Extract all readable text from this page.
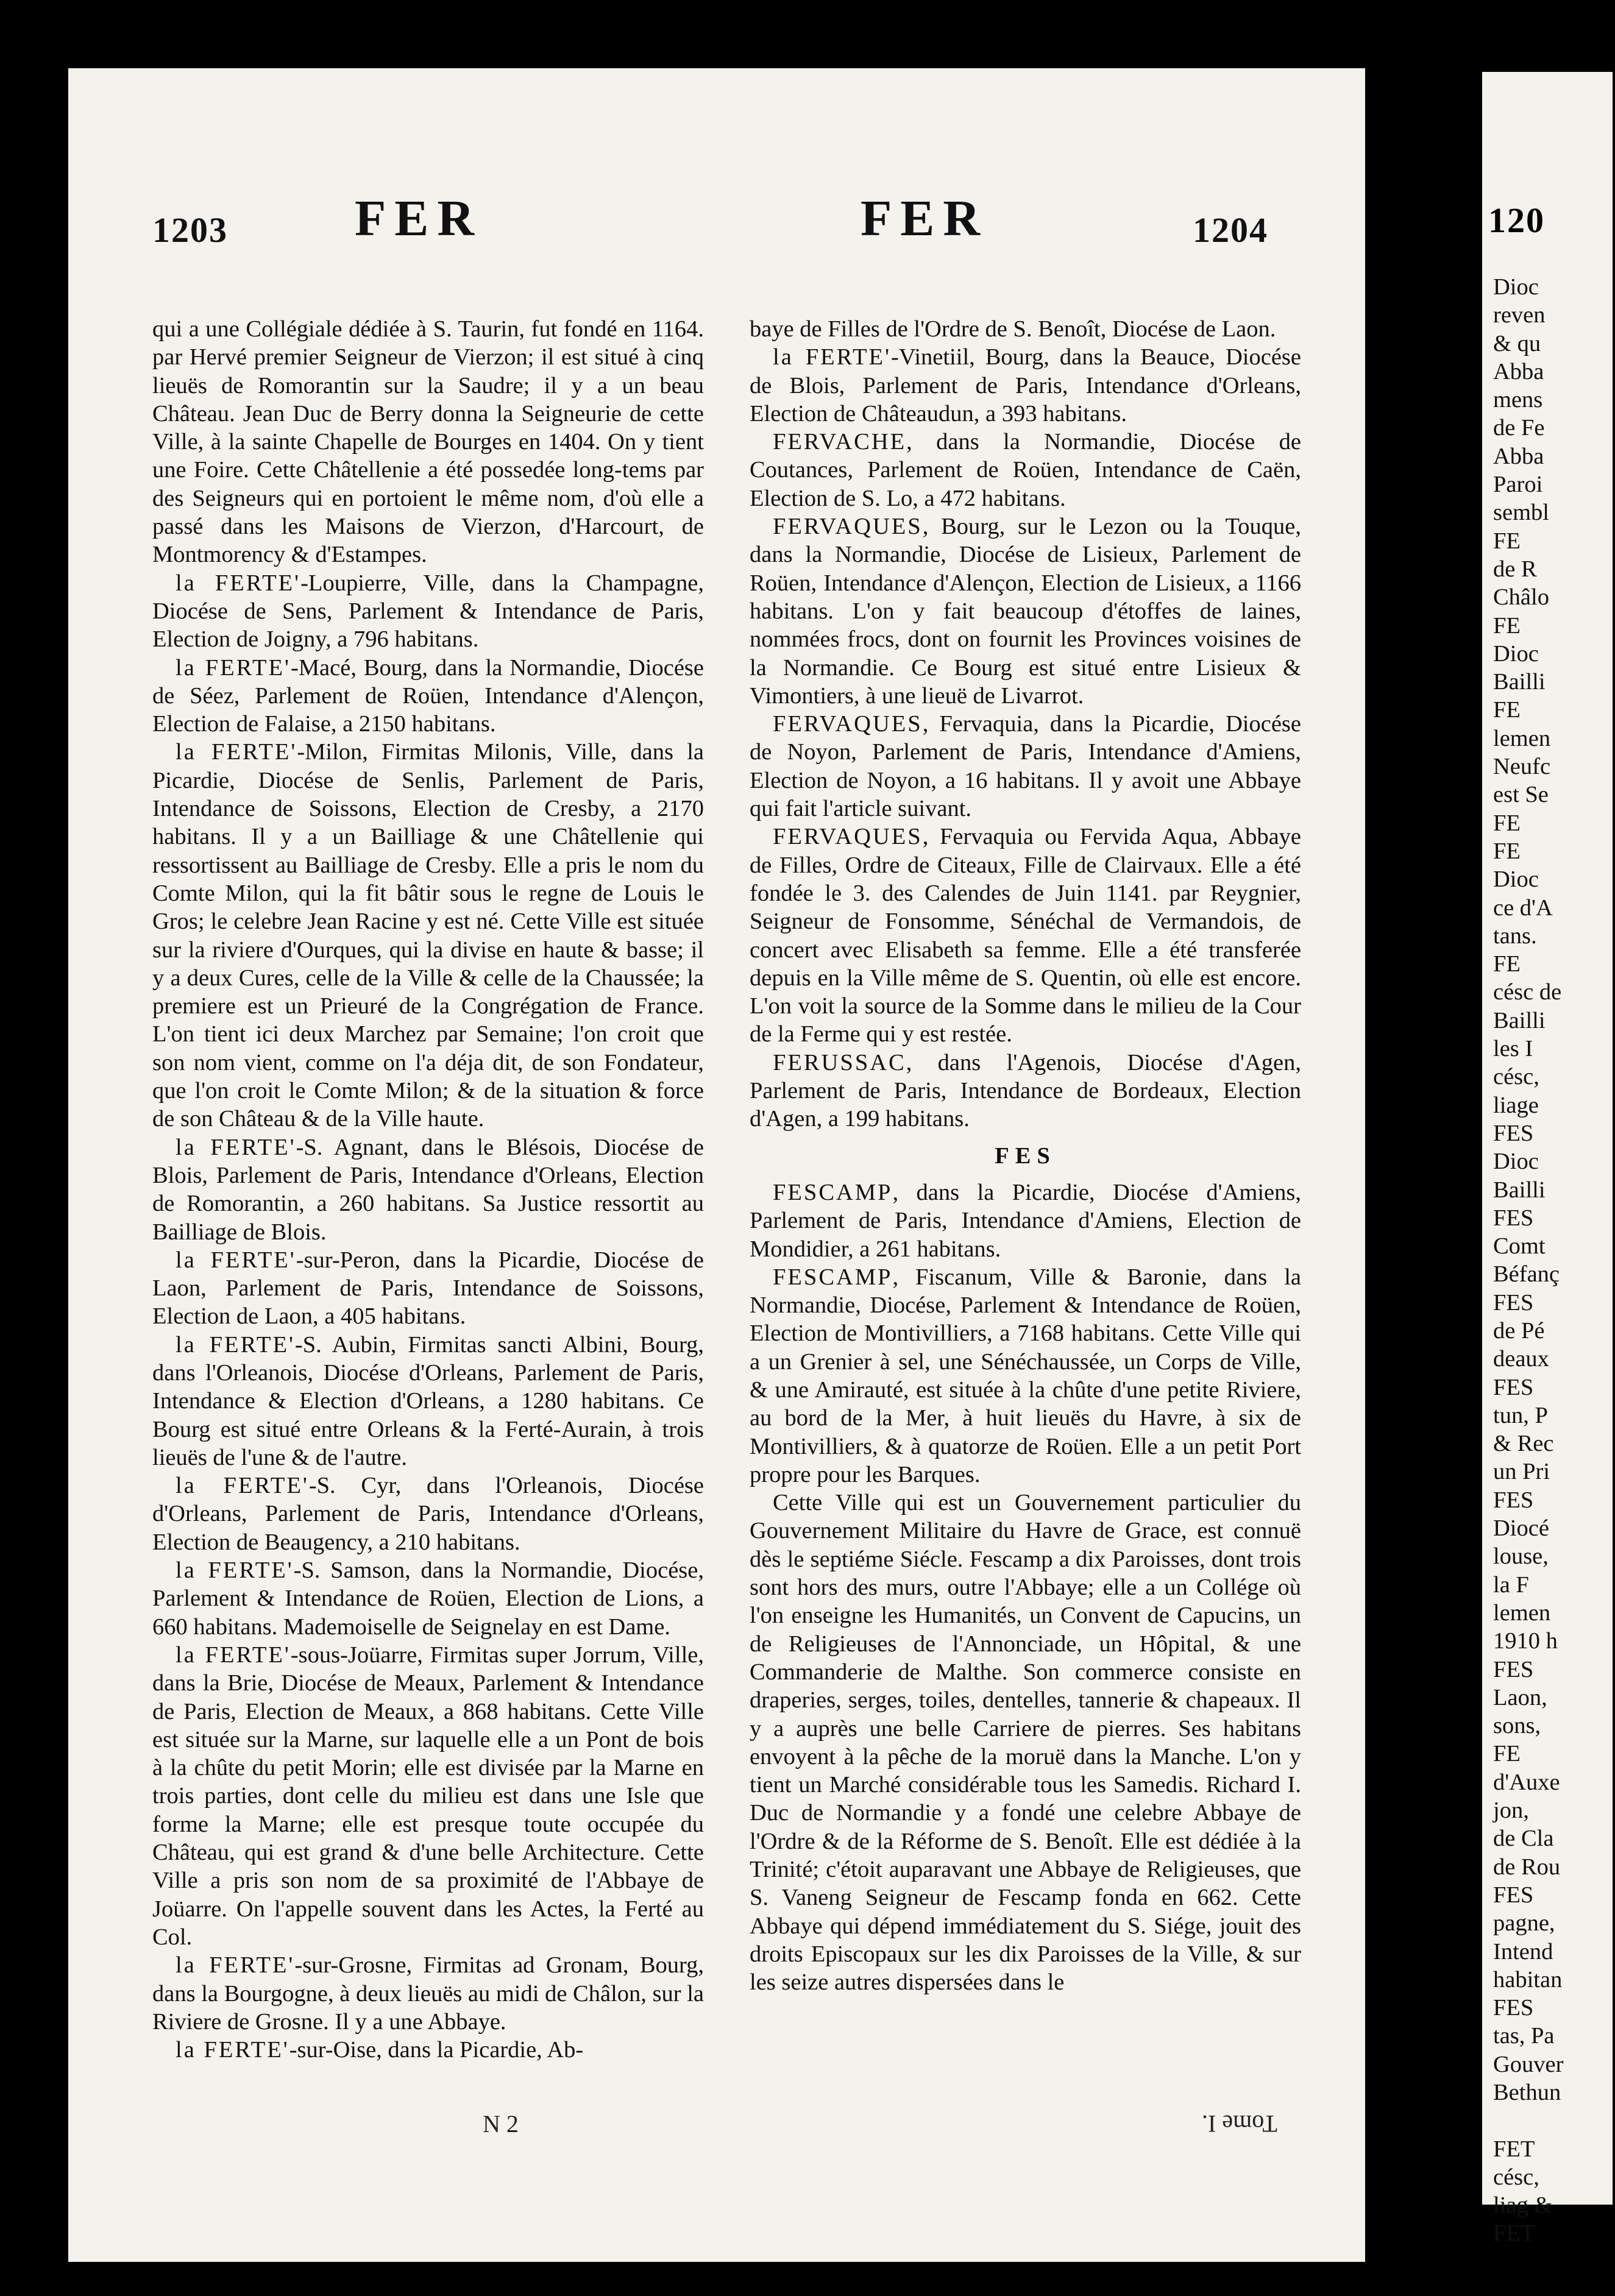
1203 FER	FER	1204

qui a une Collégiale dédiée à S. Taurin, fut fondé en 1164. par Hervé premier Seigneur de Vierzon; il est situé à cinq lieuës de Romorantin sur la Saudre; il y a un beau Château. Jean Duc de Berry donna la Seigneurie de cette Ville, à la sainte Chapelle de Bourges en 1404. On y tient une Foire. Cette Châtellenie a été possedée long-tems par des Seigneurs qui en portoient le même nom, d'où elle a passé dans les Maisons de Vierzon, d'Harcourt, de Montmorency & d'Estampes.

la FERTE'-Loupierre, Ville, dans la Champagne, Diocése de Sens, Parlement & Intendance de Paris, Election de Joigny, a 796 habitans.

la FERTE'-Macé, Bourg, dans la Normandie, Diocése de Séez, Parlement de Roüen, Intendance d'Alençon, Election de Falaise, a 2150 habitans.

la FERTE'-Milon, Firmitas Milonis, Ville, dans la Picardie, Diocése de Senlis, Parlement de Paris, Intendance de Soissons, Election de Cresby, a 2170 habitans. Il y a un Bailliage & une Châtellenie qui ressortissent au Bailliage de Cresby. Elle a pris le nom du Comte Milon, qui la fit bâtir sous le regne de Louis le Gros; le celebre Jean Racine y est né. Cette Ville est située sur la riviere d'Ourques, qui la divise en haute & basse; il y a deux Cures, celle de la Ville & celle de la Chaussée; la premiere est un Prieuré de la Congrégation de France. L'on tient ici deux Marchez par Semaine; l'on croit que son nom vient, comme on l'a déja dit, de son Fondateur, que l'on croit le Comte Milon; & de la situation & force de son Château & de la Ville haute.

la FERTE'-S. Agnant, dans le Blésois, Diocése de Blois, Parlement de Paris, Intendance d'Orleans, Election de Romorantin, a 260 habitans. Sa Justice ressortit au Bailliage de Blois.

la FERTE'-sur-Peron, dans la Picardie, Diocése de Laon, Parlement de Paris, Intendance de Soissons, Election de Laon, a 405 habitans.

la FERTE'-S. Aubin, Firmitas sancti Albini, Bourg, dans l'Orleanois, Diocése d'Orleans, Parlement de Paris, Intendance & Election d'Orleans, a 1280 habitans. Ce Bourg est situé entre Orleans & la Ferté-Aurain, à trois lieuës de l'une & de l'autre.

la FERTE'-S. Cyr, dans l'Orleanois, Diocése d'Orleans, Parlement de Paris, Intendance d'Orleans, Election de Beaugency, a 210 habitans.

la FERTE'-S. Samson, dans la Normandie, Diocése, Parlement & Intendance de Roüen, Election de Lions, a 660 habitans. Mademoiselle de Seignelay en est Dame.

la FERTE'-sous-Joüarre, Firmitas super Jorrum, Ville, dans la Brie, Diocése de Meaux, Parlement & Intendance de Paris, Election de Meaux, a 868 habitans. Cette Ville est située sur la Marne, sur laquelle elle a un Pont de bois à la chûte du petit Morin; elle est divisée par la Marne en trois parties, dont celle du milieu est dans une Isle que forme la Marne; elle est presque toute occupée du Château, qui est grand & d'une belle Architecture. Cette Ville a pris son nom de sa proximité de l'Abbaye de Joüarre. On l'appelle souvent dans les Actes, la Ferté au Col.

la FERTE'-sur-Grosne, Firmitas ad Gronam, Bourg, dans la Bourgogne, à deux lieuës au midi de Châlon, sur la Riviere de Grosne. Il y a une Abbaye.

la FERTE'-sur-Oise, dans la Picardie, Ab-

baye de Filles de l'Ordre de S. Benoît, Diocése de Laon.

la FERTE'-Vinetiil, Bourg, dans la Beauce, Diocése de Blois, Parlement de Paris, Intendance d'Orleans, Election de Châteaudun, a 393 habitans.

FERVACHE, dans la Normandie, Diocése de Coutances, Parlement de Roüen, Intendance de Caën, Election de S. Lo, a 472 habitans.

FERVAQUES, Bourg, sur le Lezon ou la Touque, dans la Normandie, Diocése de Lisieux, Parlement de Roüen, Intendance d'Alençon, Election de Lisieux, a 1166 habitans. L'on y fait beaucoup d'étoffes de laines, nommées frocs, dont on fournit les Provinces voisines de la Normandie. Ce Bourg est situé entre Lisieux & Vimontiers, à une lieuë de Livarrot.

FERVAQUES, Fervaquia, dans la Picardie, Diocése de Noyon, Parlement de Paris, Intendance d'Amiens, Election de Noyon, a 16 habitans. Il y avoit une Abbaye qui fait l'article suivant.

FERVAQUES, Fervaquia ou Fervida Aqua, Abbaye de Filles, Ordre de Citeaux, Fille de Clairvaux. Elle a été fondée le 3. des Calendes de Juin 1141. par Reygnier, Seigneur de Fonsomme, Sénéchal de Vermandois, de concert avec Elisabeth sa femme. Elle a été transferée depuis en la Ville même de S. Quentin, où elle est encore. L'on voit la source de la Somme dans le milieu de la Cour de la Ferme qui y est restée.

FERUSSAC, dans l'Agenois, Diocése d'Agen, Parlement de Paris, Intendance de Bordeaux, Election d'Agen, a 199 habitans.

FES

FESCAMP, dans la Picardie, Diocése d'Amiens, Parlement de Paris, Intendance d'Amiens, Election de Mondidier, a 261 habitans.

FESCAMP, Fiscanum, Ville & Baronie, dans la Normandie, Diocése, Parlement & Intendance de Roüen, Election de Montivilliers, a 7168 habitans. Cette Ville qui a un Grenier à sel, une Sénéchaussée, un Corps de Ville, & une Amirauté, est située à la chûte d'une petite Riviere, au bord de la Mer, à huit lieuës du Havre, à six de Montivilliers, & à quatorze de Roüen. Elle a un petit Port propre pour les Barques.

Cette Ville qui est un Gouvernement particulier du Gouvernement Militaire du Havre de Grace, est connuë dès le septiéme Siécle. Fescamp a dix Paroisses, dont trois sont hors des murs, outre l'Abbaye; elle a un Collége où l'on enseigne les Humanités, un Convent de Capucins, un de Religieuses de l'Annonciade, un Hôpital, & une Commanderie de Malthe. Son commerce consiste en draperies, serges, toiles, dentelles, tannerie & chapeaux. Il y a auprès une belle Carriere de pierres. Ses habitans envoyent à la pêche de la moruë dans la Manche. L'on y tient un Marché considérable tous les Samedis. Richard I. Duc de Normandie y a fondé une celebre Abbaye de l'Ordre & de la Réforme de S. Benoît. Elle est dédiée à la Trinité; c'étoit auparavant une Abbaye de Religieuses, que S. Vaneng Seigneur de Fescamp fonda en 662. Cette Abbaye qui dépend immédiatement du S. Siége, jouit des droits Episcopaux sur les dix Paroisses de la Ville, & sur les seize autres dispersées dans le

N 2	Tome I.
120
Dioc
reven
& qu
Abba
mens
de Fe
Abba
Paroi
sembl
FE
de R
Châlo
FE
Dioc
Bailli
FE
lemen
Neufc
est Se
FE
FE
Dioc
ce d'A
tans.
FE
césc de
Bailli
les I
césc,
liage
FES
Dioc
Bailli
FES
Comt
Béfanç
FES
de Pé
deaux
FES
tun, P
& Rec
un Pri
FES
Diocé
louse,
la F
lemen
1910 h
FES
Laon,
sons,
FE
d'Auxe
jon,
de Cla
de Rou
FES
pagne,
Intend
habitan
FES
tas, Pa
Gouver
Bethun

FET
césc,
liag &
FET
